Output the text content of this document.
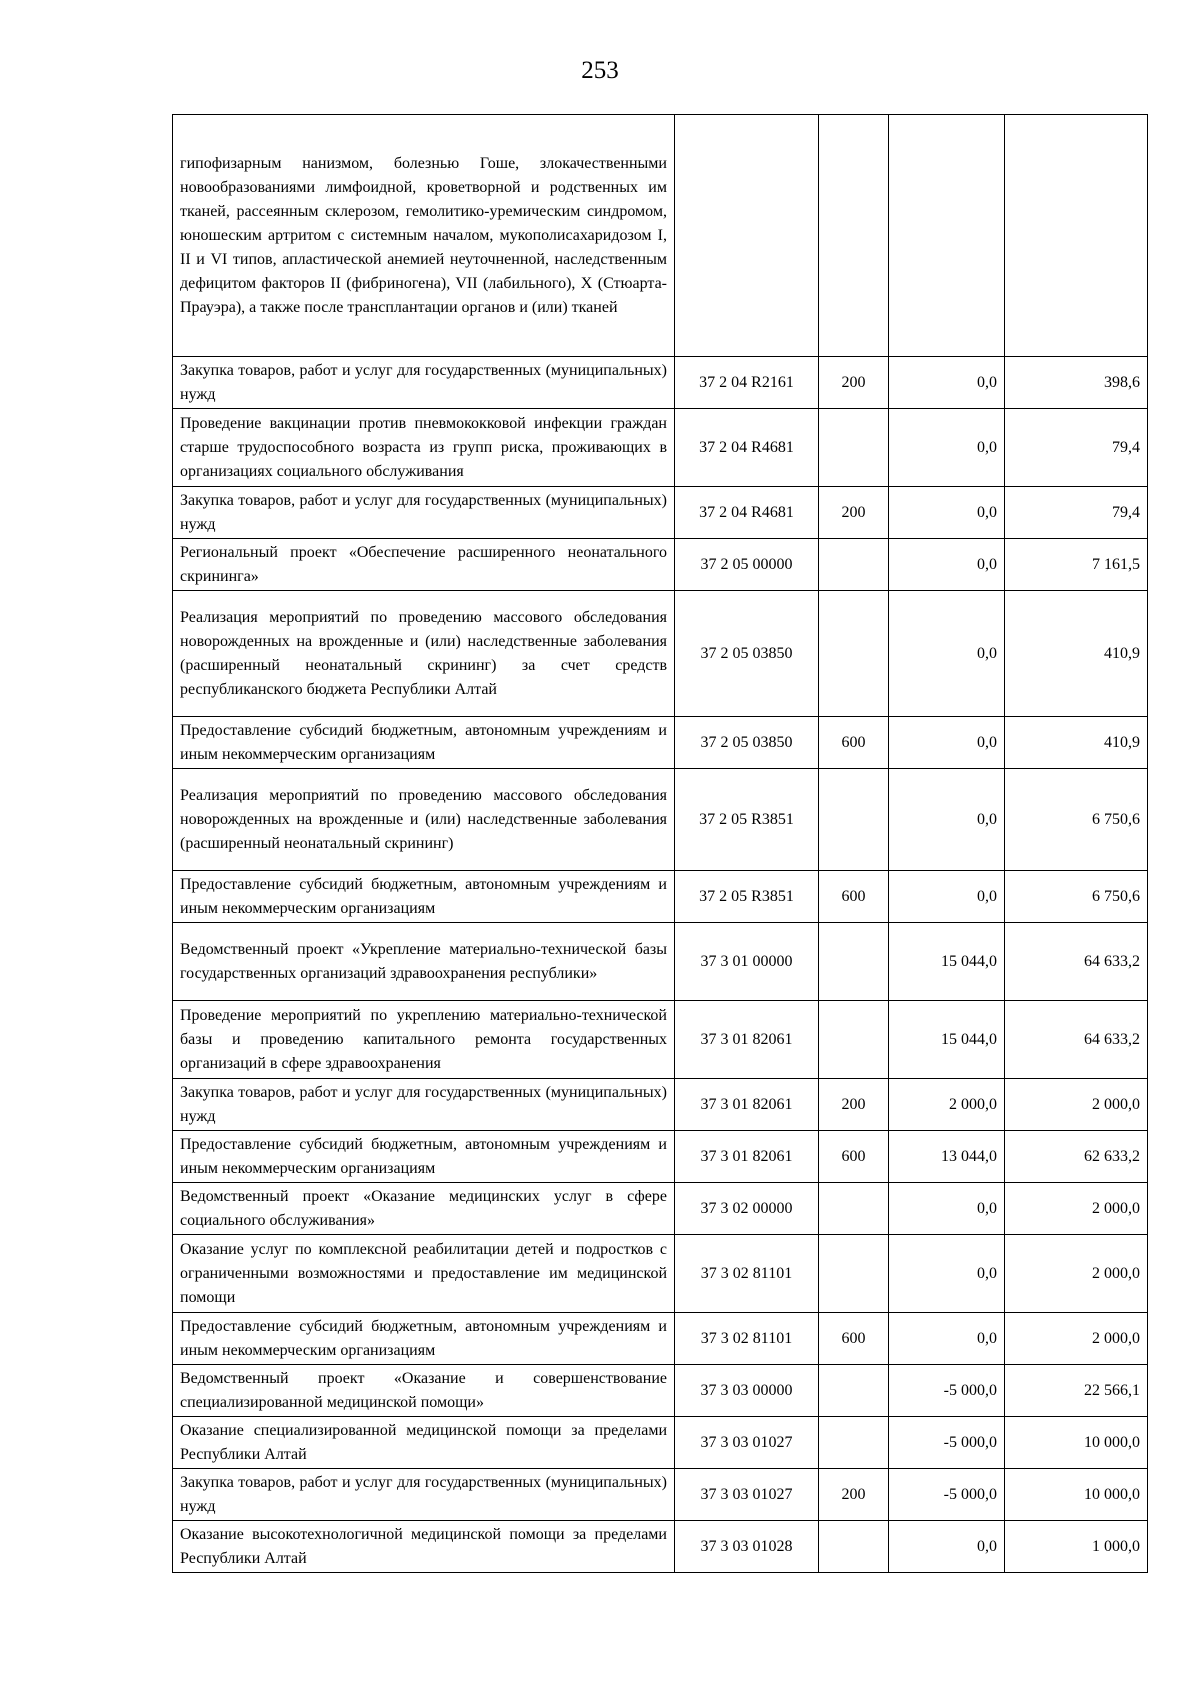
253
гипофизарным нанизмом, болезнью Гоше, злокачественными новообразованиями лимфоидной, кроветворной и родственных им тканей, рассеянным склерозом, гемолитико-уремическим синдромом, юношеским артритом с системным началом, мукополисахаридозом I, II и VI типов, апластической анемией неуточненной, наследственным дефицитом факторов II (фибриногена), VII (лабильного), X (Стюарта-Прауэра), а также после трансплантации органов и (или) тканей				
Закупка товаров, работ и услуг для государственных (муниципальных) нужд	37 2 04 R2161	200	0,0	398,6
Проведение вакцинации против пневмококковой инфекции граждан старше трудоспособного возраста из групп риска, проживающих в организациях социального обслуживания	37 2 04 R4681		0,0	79,4
Закупка товаров, работ и услуг для государственных (муниципальных) нужд	37 2 04 R4681	200	0,0	79,4
Региональный проект «Обеспечение расширенного неонатального скрининга»	37 2 05 00000		0,0	7 161,5
Реализация мероприятий по проведению массового обследования новорожденных на врожденные и (или) наследственные заболевания (расширенный неонатальный скрининг) за счет средств республиканского бюджета Республики Алтай	37 2 05 03850		0,0	410,9
Предоставление субсидий бюджетным, автономным учреждениям и иным некоммерческим организациям	37 2 05 03850	600	0,0	410,9
Реализация мероприятий по проведению массового обследования новорожденных на врожденные и (или) наследственные заболевания (расширенный неонатальный скрининг)	37 2 05 R3851		0,0	6 750,6
Предоставление субсидий бюджетным, автономным учреждениям и иным некоммерческим организациям	37 2 05 R3851	600	0,0	6 750,6
Ведомственный проект «Укрепление материально-технической базы государственных организаций здравоохранения республики»	37 3 01 00000		15 044,0	64 633,2
Проведение мероприятий по укреплению материально-технической базы и проведению капитального ремонта государственных организаций в сфере здравоохранения	37 3 01 82061		15 044,0	64 633,2
Закупка товаров, работ и услуг для государственных (муниципальных) нужд	37 3 01 82061	200	2 000,0	2 000,0
Предоставление субсидий бюджетным, автономным учреждениям и иным некоммерческим организациям	37 3 01 82061	600	13 044,0	62 633,2
Ведомственный проект «Оказание медицинских услуг в сфере социального обслуживания»	37 3 02 00000		0,0	2 000,0
Оказание услуг по комплексной реабилитации детей и подростков с ограниченными возможностями и предоставление им медицинской помощи	37 3 02 81101		0,0	2 000,0
Предоставление субсидий бюджетным, автономным учреждениям и иным некоммерческим организациям	37 3 02 81101	600	0,0	2 000,0
Ведомственный проект «Оказание и совершенствование специализированной медицинской помощи»	37 3 03 00000		-5 000,0	22 566,1
Оказание специализированной медицинской помощи за пределами Республики Алтай	37 3 03 01027		-5 000,0	10 000,0
Закупка товаров, работ и услуг для государственных (муниципальных) нужд	37 3 03 01027	200	-5 000,0	10 000,0
Оказание высокотехнологичной медицинской помощи за пределами Республики Алтай	37 3 03 01028		0,0	1 000,0
